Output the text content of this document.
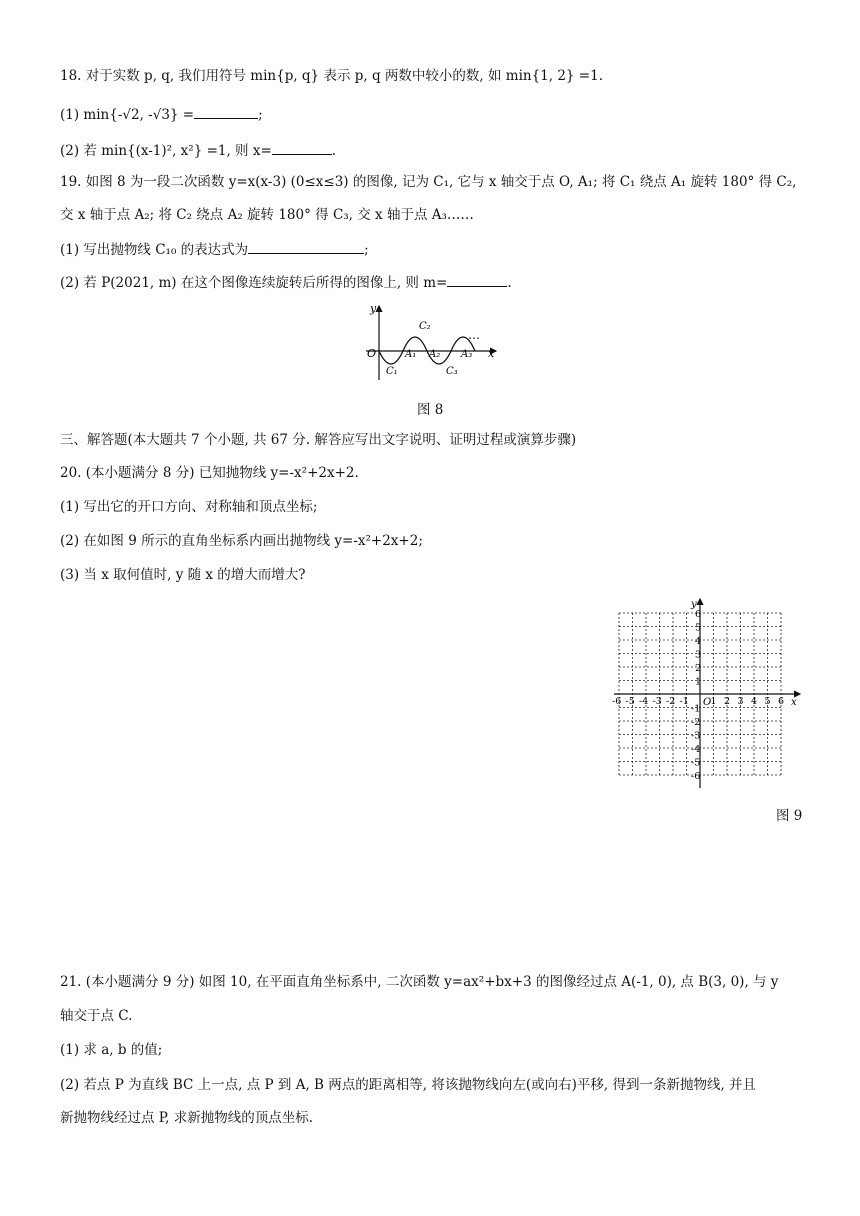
18. 对于实数 p, q, 我们用符号 min{p, q} 表示 p, q 两数中较小的数, 如 min{1, 2} =1.
(1) min{-√2, -√3} =	;
(2) 若 min{(x-1)², x²} =1, 则 x=	.
19. 如图 8 为一段二次函数 y=x(x-3) (0≤x≤3) 的图像, 记为 C₁, 它与 x 轴交于点 O, A₁; 将 C₁ 绕点 A₁ 旋转 180° 得 C₂,
交 x 轴于点 A₂; 将 C₂ 绕点 A₂ 旋转 180° 得 C₃, 交 x 轴于点 A₃……
(1) 写出抛物线 C₁₀ 的表达式为	;
(2) 若 P(2021, m) 在这个图像连续旋转后所得的图像上, 则 m=	.
y
x
O
C₁
C₂
C₃
A₁ A₂ A₃
…
图 8
三、解答题(本大题共 7 个小题, 共 67 分. 解答应写出文字说明、证明过程或演算步骤)
20. (本小题满分 8 分) 已知抛物线 y=-x²+2x+2.
(1) 写出它的开口方向、对称轴和顶点坐标;
(2) 在如图 9 所示的直角坐标系内画出抛物线 y=-x²+2x+2;
(3) 当 x 取何值时, y 随 x 的增大而增大?
x
y
O
-6 -5 -4 -3 -2 -1 1 2 3 4 5 6
6
5
4
3
2
1
-1
-2
-3
-4
-5
-6
图 9
21. (本小题满分 9 分) 如图 10, 在平面直角坐标系中, 二次函数 y=ax²+bx+3 的图像经过点 A(-1, 0), 点 B(3, 0), 与 y
轴交于点 C.
(1) 求 a, b 的值;
(2) 若点 P 为直线 BC 上一点, 点 P 到 A, B 两点的距离相等, 将该抛物线向左(或向右)平移, 得到一条新抛物线, 并且
新抛物线经过点 P, 求新抛物线的顶点坐标.
